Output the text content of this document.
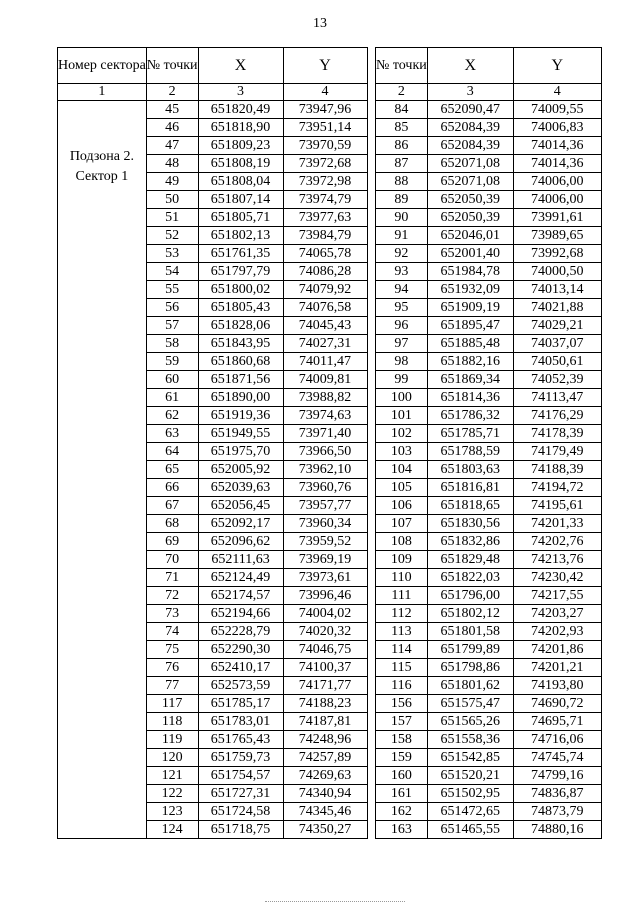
13
Номер сектора	№ точки	X	Y
1	2	3	4

Подзона 2. Сектор 1	45	651820,49	73947,96
	46	651818,90	73951,14
	47	651809,23	73970,59
	48	651808,19	73972,68
	49	651808,04	73972,98
	50	651807,14	73974,79
	51	651805,71	73977,63
	52	651802,13	73984,79
	53	651761,35	74065,78
	54	651797,79	74086,28
	55	651800,02	74079,92
	56	651805,43	74076,58
	57	651828,06	74045,43
	58	651843,95	74027,31
	59	651860,68	74011,47
	60	651871,56	74009,81
	61	651890,00	73988,82
	62	651919,36	73974,63
	63	651949,55	73971,40
	64	651975,70	73966,50
	65	652005,92	73962,10
	66	652039,63	73960,76
	67	652056,45	73957,77
	68	652092,17	73960,34
	69	652096,62	73959,52
	70	652111,63	73969,19
	71	652124,49	73973,61
	72	652174,57	73996,46
	73	652194,66	74004,02
	74	652228,79	74020,32
	75	652290,30	74046,75
	76	652410,17	74100,37
	77	652573,59	74171,77
	117	651785,17	74188,23
	118	651783,01	74187,81
	119	651765,43	74248,96
	120	651759,73	74257,89
	121	651754,57	74269,63
	122	651727,31	74340,94
	123	651724,58	74345,46
	124	651718,75	74350,27
№ точки	X	Y
2	3	4
84	652090,47	74009,55
85	652084,39	74006,83
86	652084,39	74014,36
87	652071,08	74014,36
88	652071,08	74006,00
89	652050,39	74006,00
90	652050,39	73991,61
91	652046,01	73989,65
92	652001,40	73992,68
93	651984,78	74000,50
94	651932,09	74013,14
95	651909,19	74021,88
96	651895,47	74029,21
97	651885,48	74037,07
98	651882,16	74050,61
99	651869,34	74052,39
100	651814,36	74113,47
101	651786,32	74176,29
102	651785,71	74178,39
103	651788,59	74179,49
104	651803,63	74188,39
105	651816,81	74194,72
106	651818,65	74195,61
107	651830,56	74201,33
108	651832,86	74202,76
109	651829,48	74213,76
110	651822,03	74230,42
111	651796,00	74217,55
112	651802,12	74203,27
113	651801,58	74202,93
114	651799,89	74201,86
115	651798,86	74201,21
116	651801,62	74193,80
156	651575,47	74690,72
157	651565,26	74695,71
158	651558,36	74716,06
159	651542,85	74745,74
160	651520,21	74799,16
161	651502,95	74836,87
162	651472,65	74873,79
163	651465,55	74880,16
